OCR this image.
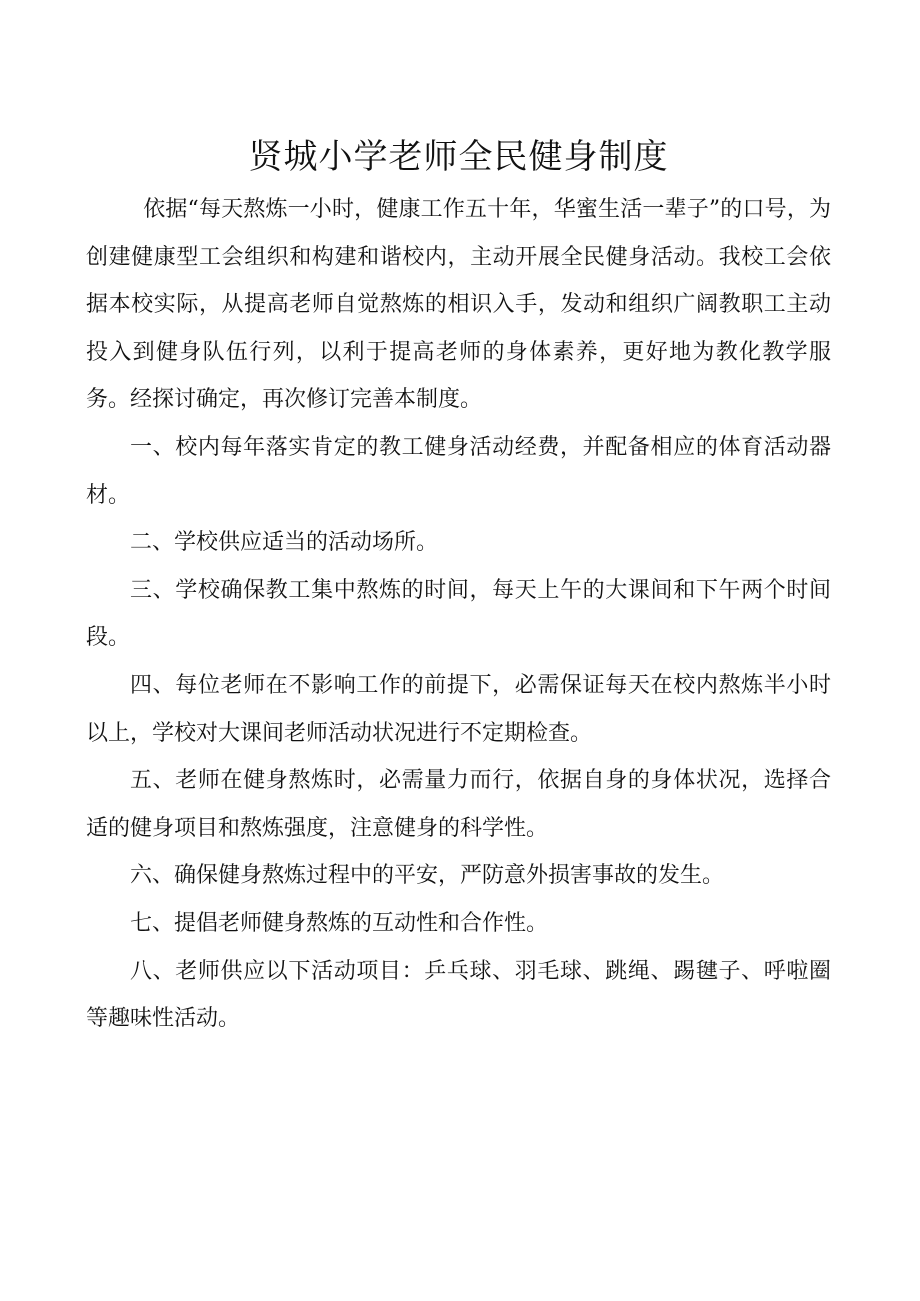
贤城小学老师全民健身制度

依据“每天熬炼一小时，健康工作五十年，华蜜生活一辈子”的口号，为创建健康型工会组织和构建和谐校内，主动开展全民健身活动。我校工会依据本校实际，从提高老师自觉熬炼的相识入手，发动和组织广阔教职工主动投入到健身队伍行列，以利于提高老师的身体素养，更好地为教化教学服务。经探讨确定，再次修订完善本制度。

一、校内每年落实肯定的教工健身活动经费，并配备相应的体育活动器材。

二、学校供应适当的活动场所。

三、学校确保教工集中熬炼的时间，每天上午的大课间和下午两个时间段。

四、每位老师在不影响工作的前提下，必需保证每天在校内熬炼半小时以上，学校对大课间老师活动状况进行不定期检查。

五、老师在健身熬炼时，必需量力而行，依据自身的身体状况，选择合适的健身项目和熬炼强度，注意健身的科学性。

六、确保健身熬炼过程中的平安，严防意外损害事故的发生。

七、提倡老师健身熬炼的互动性和合作性。

八、老师供应以下活动项目：乒乓球、羽毛球、跳绳、踢毽子、呼啦圈等趣味性活动。
